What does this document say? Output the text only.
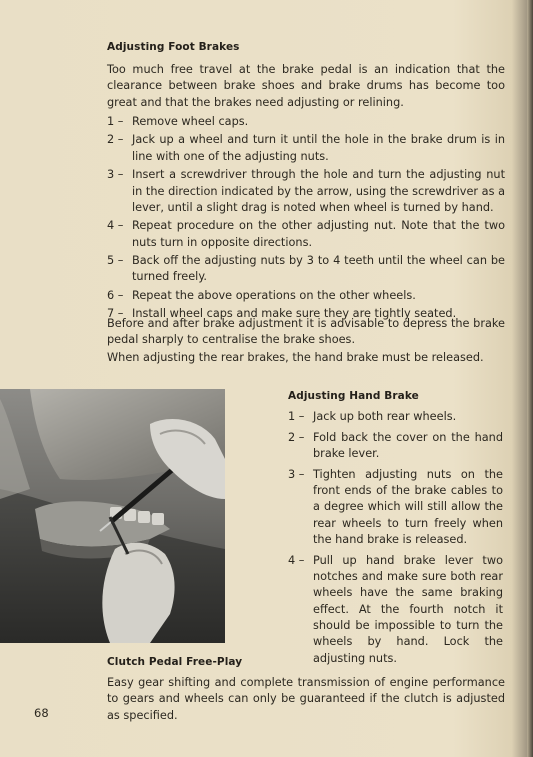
Adjusting Foot Brakes
Too much free travel at the brake pedal is an indication that the clearance between brake shoes and brake drums has become too great and that the brakes need adjusting or relining.
1 – Remove wheel caps.
2 – Jack up a wheel and turn it until the hole in the brake drum is in line with one of the adjusting nuts.
3 – Insert a screwdriver through the hole and turn the adjusting nut in the direction indicated by the arrow, using the screwdriver as a lever, until a slight drag is noted when wheel is turned by hand.
4 – Repeat procedure on the other adjusting nut. Note that the two nuts turn in opposite directions.
5 – Back off the adjusting nuts by 3 to 4 teeth until the wheel can be turned freely.
6 – Repeat the above operations on the other wheels.
7 – Install wheel caps and make sure they are tightly seated.
Before and after brake adjustment it is advisable to depress the brake pedal sharply to centralise the brake shoes.
When adjusting the rear brakes, the hand brake must be released.
Adjusting Hand Brake
1 – Jack up both rear wheels.
2 – Fold back the cover on the hand brake lever.
3 – Tighten adjusting nuts on the front ends of the brake cables to a degree which will still allow the rear wheels to turn freely when the hand brake is released.
4 – Pull up hand brake lever two notches and make sure both rear wheels have the same braking effect. At the fourth notch it should be impossible to turn the wheels by hand. Lock the adjusting nuts.
Clutch Pedal Free-Play
Easy gear shifting and complete transmission of engine performance to gears and wheels can only be guaranteed if the clutch is adjusted as specified.
68
